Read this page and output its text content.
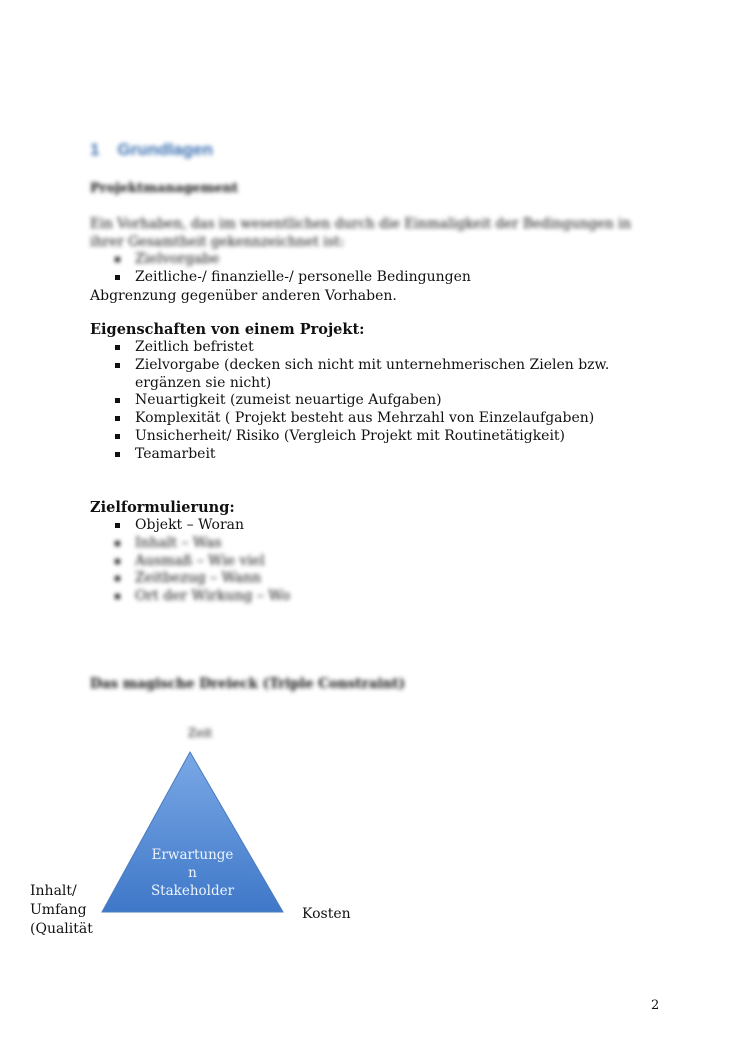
1 Grundlagen
Projektmanagement
Ein Vorhaben, das im wesentlichen durch die Einmaligkeit der Bedingungen in ihrer Gesamtheit gekennzeichnet ist:
Zielvorgabe
Zeitliche-/ finanzielle-/ personelle Bedingungen
Abgrenzung gegenüber anderen Vorhaben.
Eigenschaften von einem Projekt:
Zeitlich befristet
Zielvorgabe (decken sich nicht mit unternehmerischen Zielen bzw. ergänzen sie nicht)
Neuartigkeit (zumeist neuartige Aufgaben)
Komplexität ( Projekt besteht aus Mehrzahl von Einzelaufgaben)
Unsicherheit/ Risiko (Vergleich Projekt mit Routinetätigkeit)
Teamarbeit
Zielformulierung:
Objekt – Woran
Inhalt – Was
Ausmaß – Wie viel
Zeitbezug – Wann
Ort der Wirkung – Wo
Das magische Dreieck (Triple Constraint)
Zeit
Erwartunge
n
Stakeholder
Inhalt/
Umfang
(Qualität
Kosten
2
